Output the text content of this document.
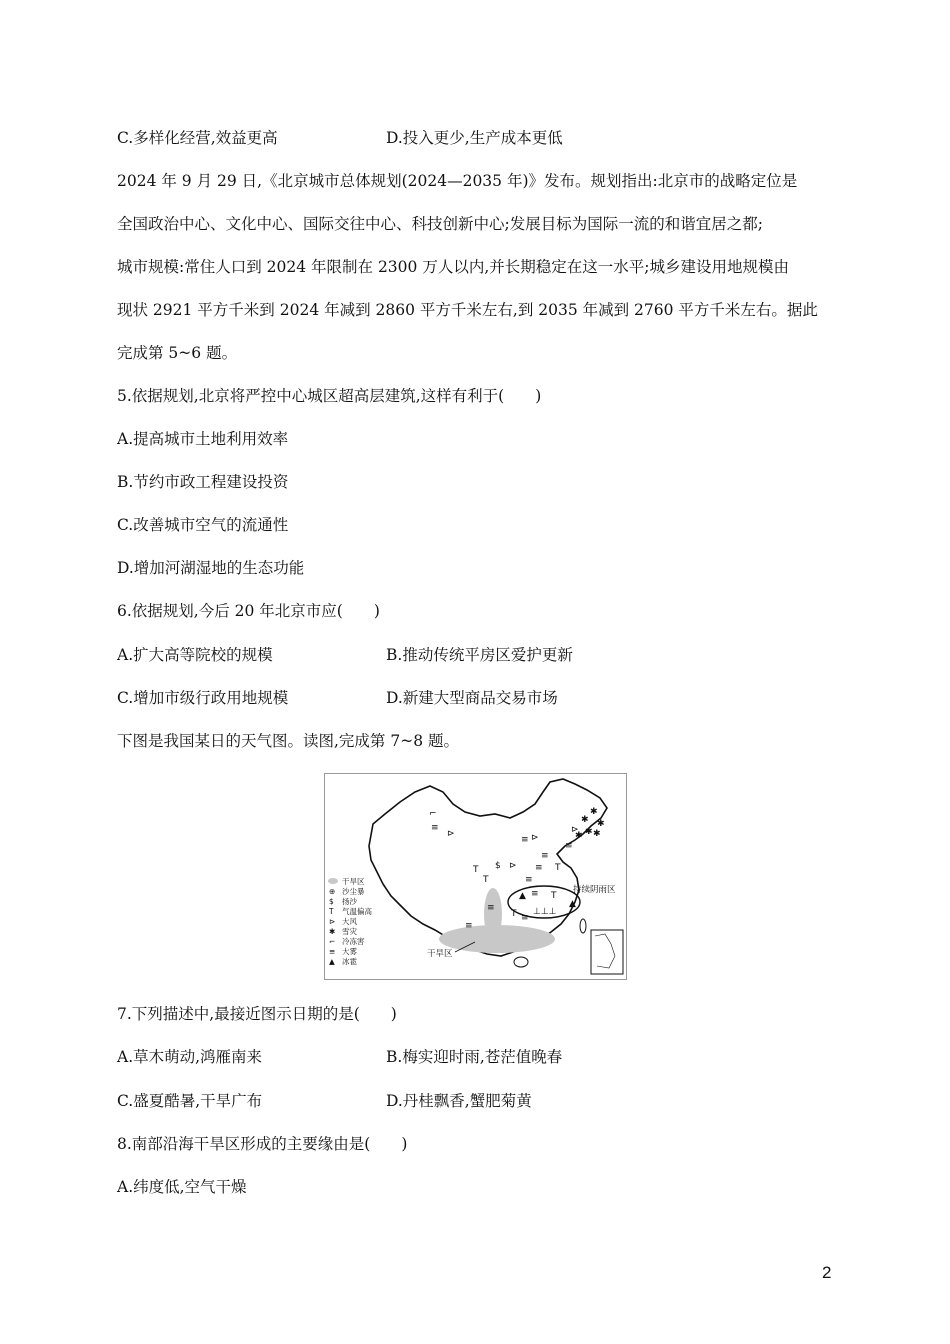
C.多样化经营,效益更高	D.投入更少,生产成本更低
2024 年 9 月 29 日,《北京城市总体规划(2024—2035 年)》发布。规划指出:北京市的战略定位是
全国政治中心、文化中心、国际交往中心、科技创新中心;发展目标为国际一流的和谐宜居之都;
城市规模:常住人口到 2024 年限制在 2300 万人以内,并长期稳定在这一水平;城乡建设用地规模由
现状 2921 平方千米到 2024 年减到 2860 平方千米左右,到 2035 年减到 2760 平方千米左右。据此
完成第 5~6 题。
5.依据规划,北京将严控中心城区超高层建筑,这样有利于(　　)
A.提高城市土地利用效率
B.节约市政工程建设投资
C.改善城市空气的流通性
D.增加河湖湿地的生态功能
6.依据规划,今后 20 年北京市应(　　)
A.扩大高等院校的规模	B.推动传统平房区爱护更新
C.增加市级行政用地规模	D.新建大型商品交易市场
下图是我国某日的天气图。读图,完成第 7~8 题。
✱
✱
✱
✱
✱ ✱
⌐
≡
⊳	⊳
≡
⊳
≡
≡
T
≡
T
T
$ ⊳
≡
▲ ≡ T
▲
≡
T ≡
⊥⊥⊥
≡
干旱区
⊕ 沙尘暴
$ 扬沙
T 气温偏高
⊳ 大风
✱ 雪灾
⌐ 冷冻害
≡ 大雾
▲ 冰雹
持续阴雨区
干旱区
7.下列描述中,最接近图示日期的是(　　)
A.草木萌动,鸿雁南来	B.梅实迎时雨,苍茫值晚春
C.盛夏酷暑,干旱广布	D.丹桂飘香,蟹肥菊黄
8.南部沿海干旱区形成的主要缘由是(　　)
A.纬度低,空气干燥
2
